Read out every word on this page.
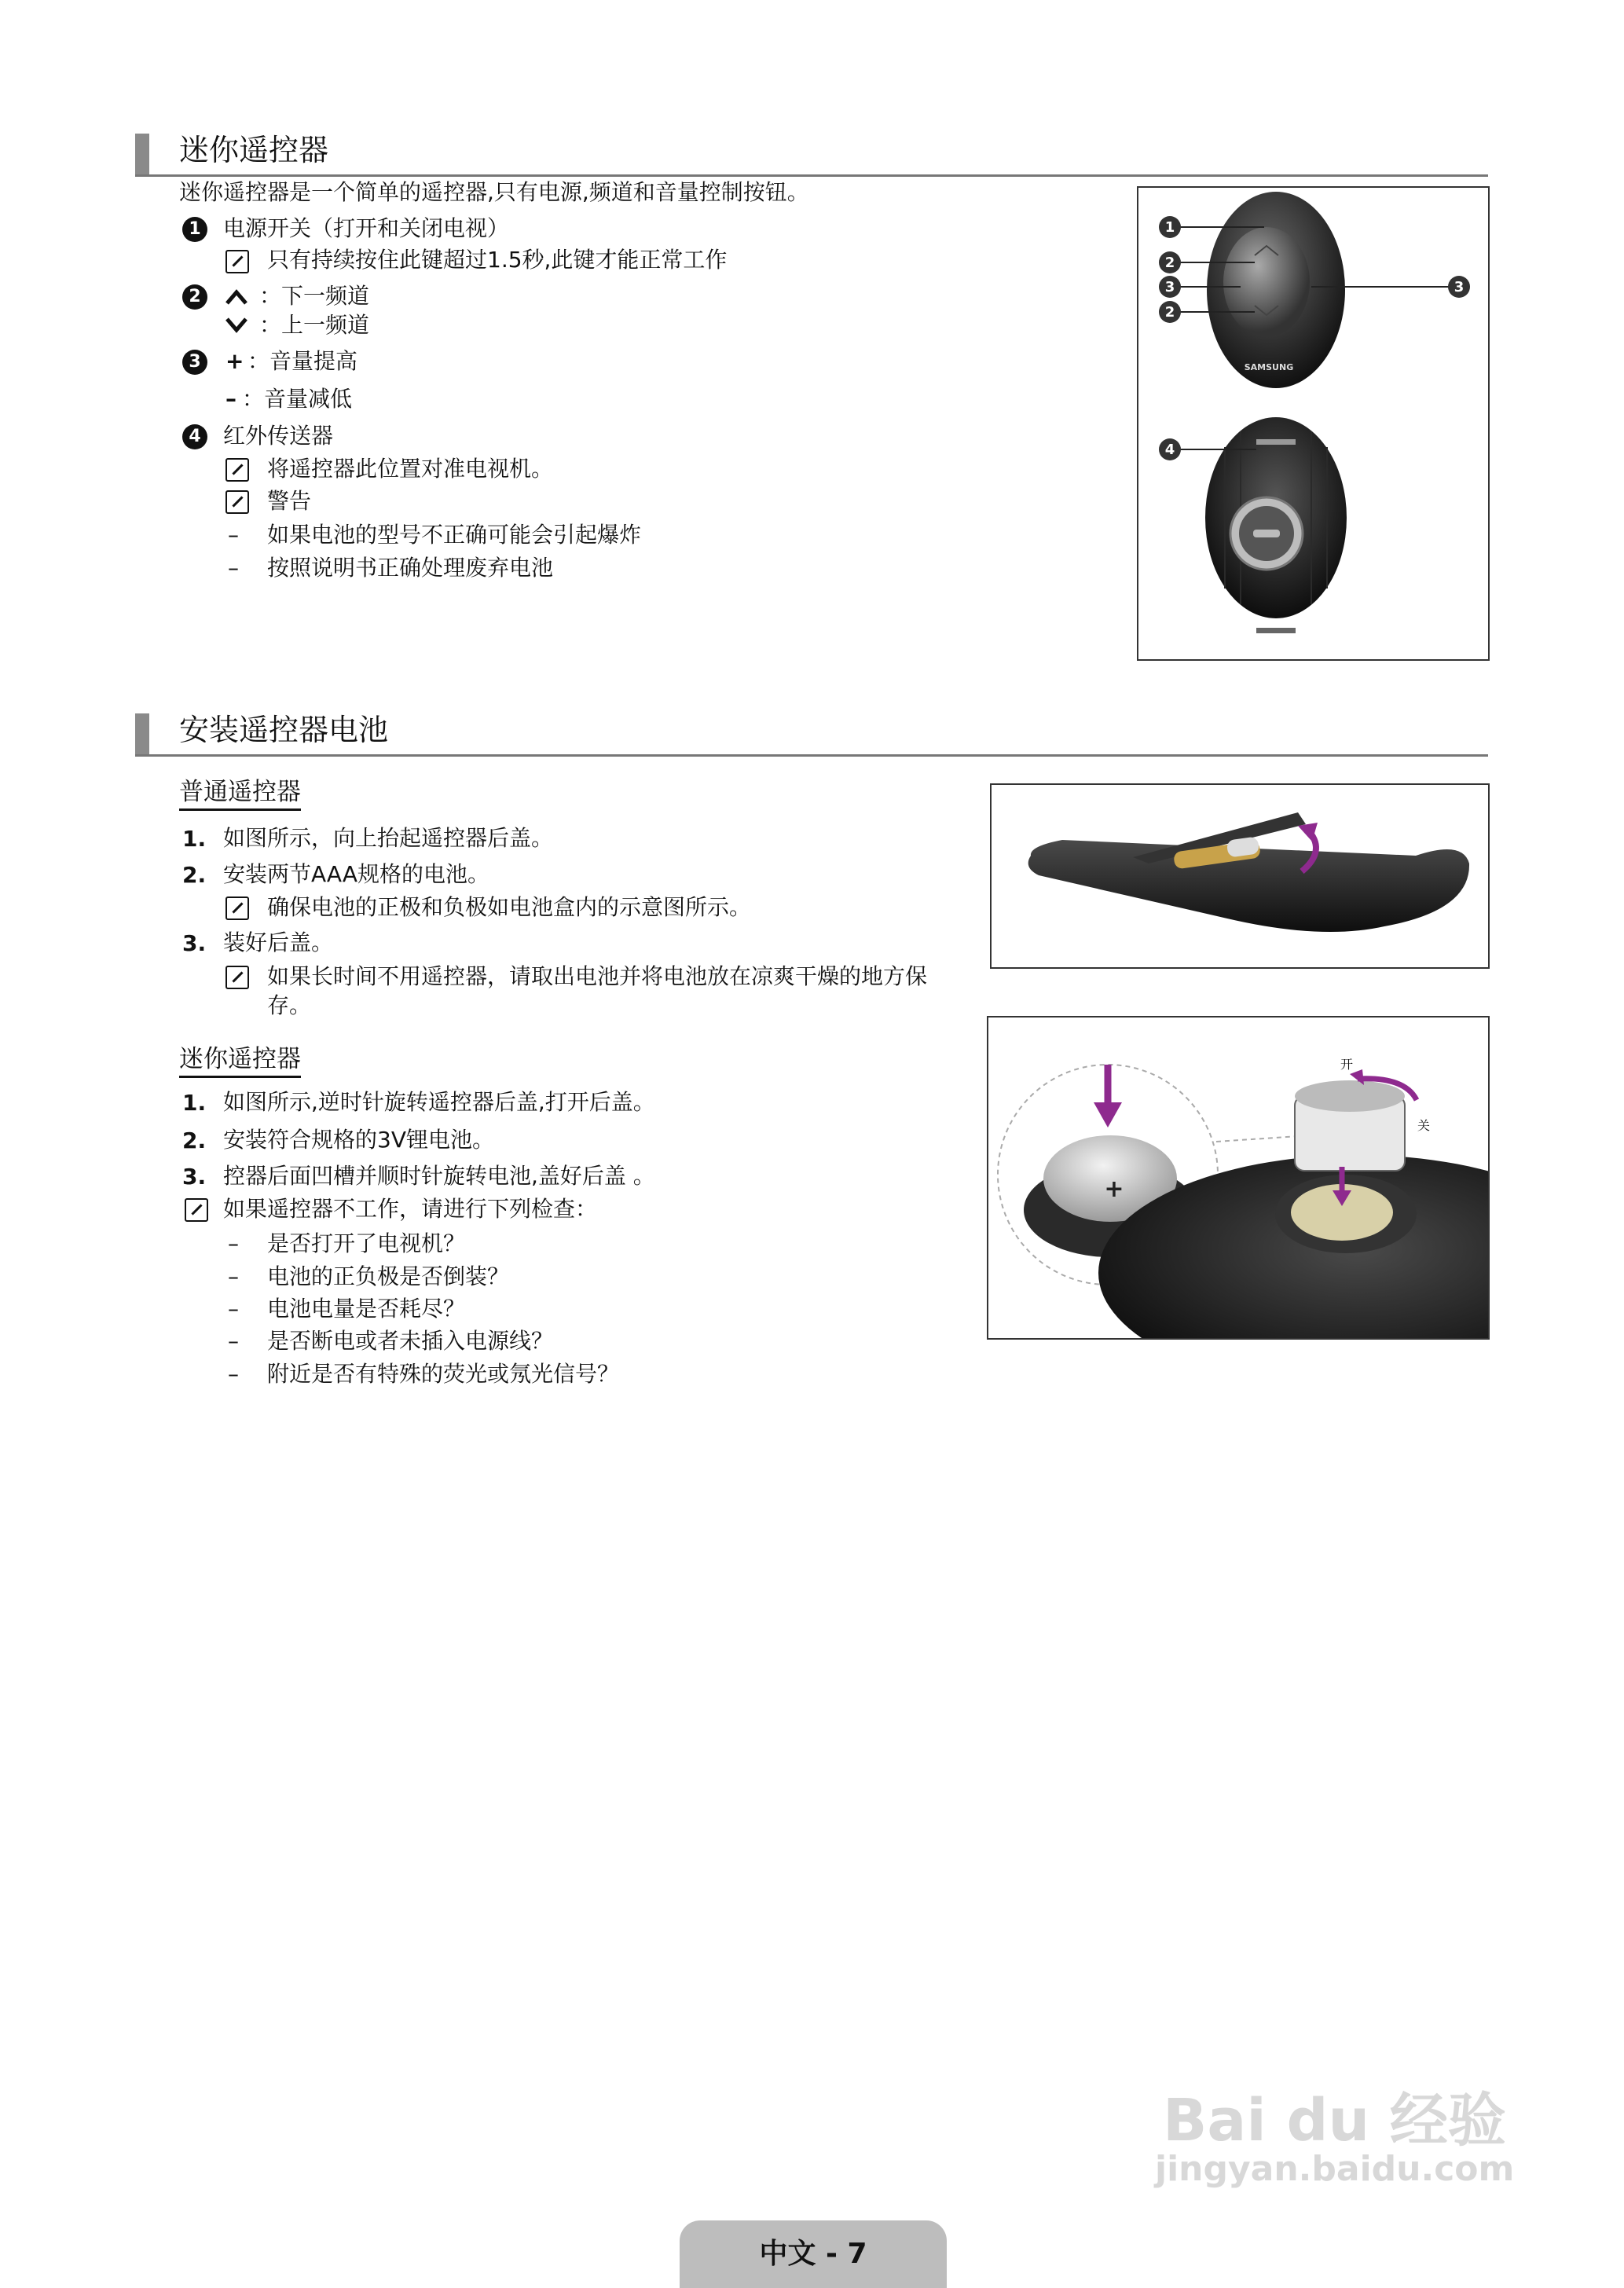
迷你遥控器
迷你遥控器是一个简单的遥控器,只有电源,频道和音量控制按钮。
1 电源开关（打开和关闭电视）
只有持续按住此键超过1.5秒,此键才能正常工作
2	：下一频道
：上一频道
3 + ：音量提高
– ：音量减低
4 红外传送器
将遥控器此位置对准电视机。
警告
– 如果电池的型号不正确可能会引起爆炸
– 按照说明书正确处理废弃电池
1
2
3
2
3
4
SAMSUNG
安装遥控器电池
普通遥控器
1. 如图所示，向上抬起遥控器后盖。
2. 安装两节AAA规格的电池。
确保电池的正极和负极如电池盒内的示意图所示。
3. 装好后盖。
如果长时间不用遥控器，请取出电池并将电池放在凉爽干燥的地方保
存。
迷你遥控器
1. 如图所示,逆时针旋转遥控器后盖,打开后盖。
2. 安装符合规格的3V锂电池。
3. 控器后面凹槽并顺时针旋转电池,盖好后盖 。
如果遥控器不工作，请进行下列检查：
– 是否打开了电视机？
– 电池的正负极是否倒装？
– 电池电量是否耗尽？
– 是否断电或者未插入电源线？
– 附近是否有特殊的荧光或氖光信号？
+
开
关
Bai du 经验
jingyan.baidu.com
中文 - 7
